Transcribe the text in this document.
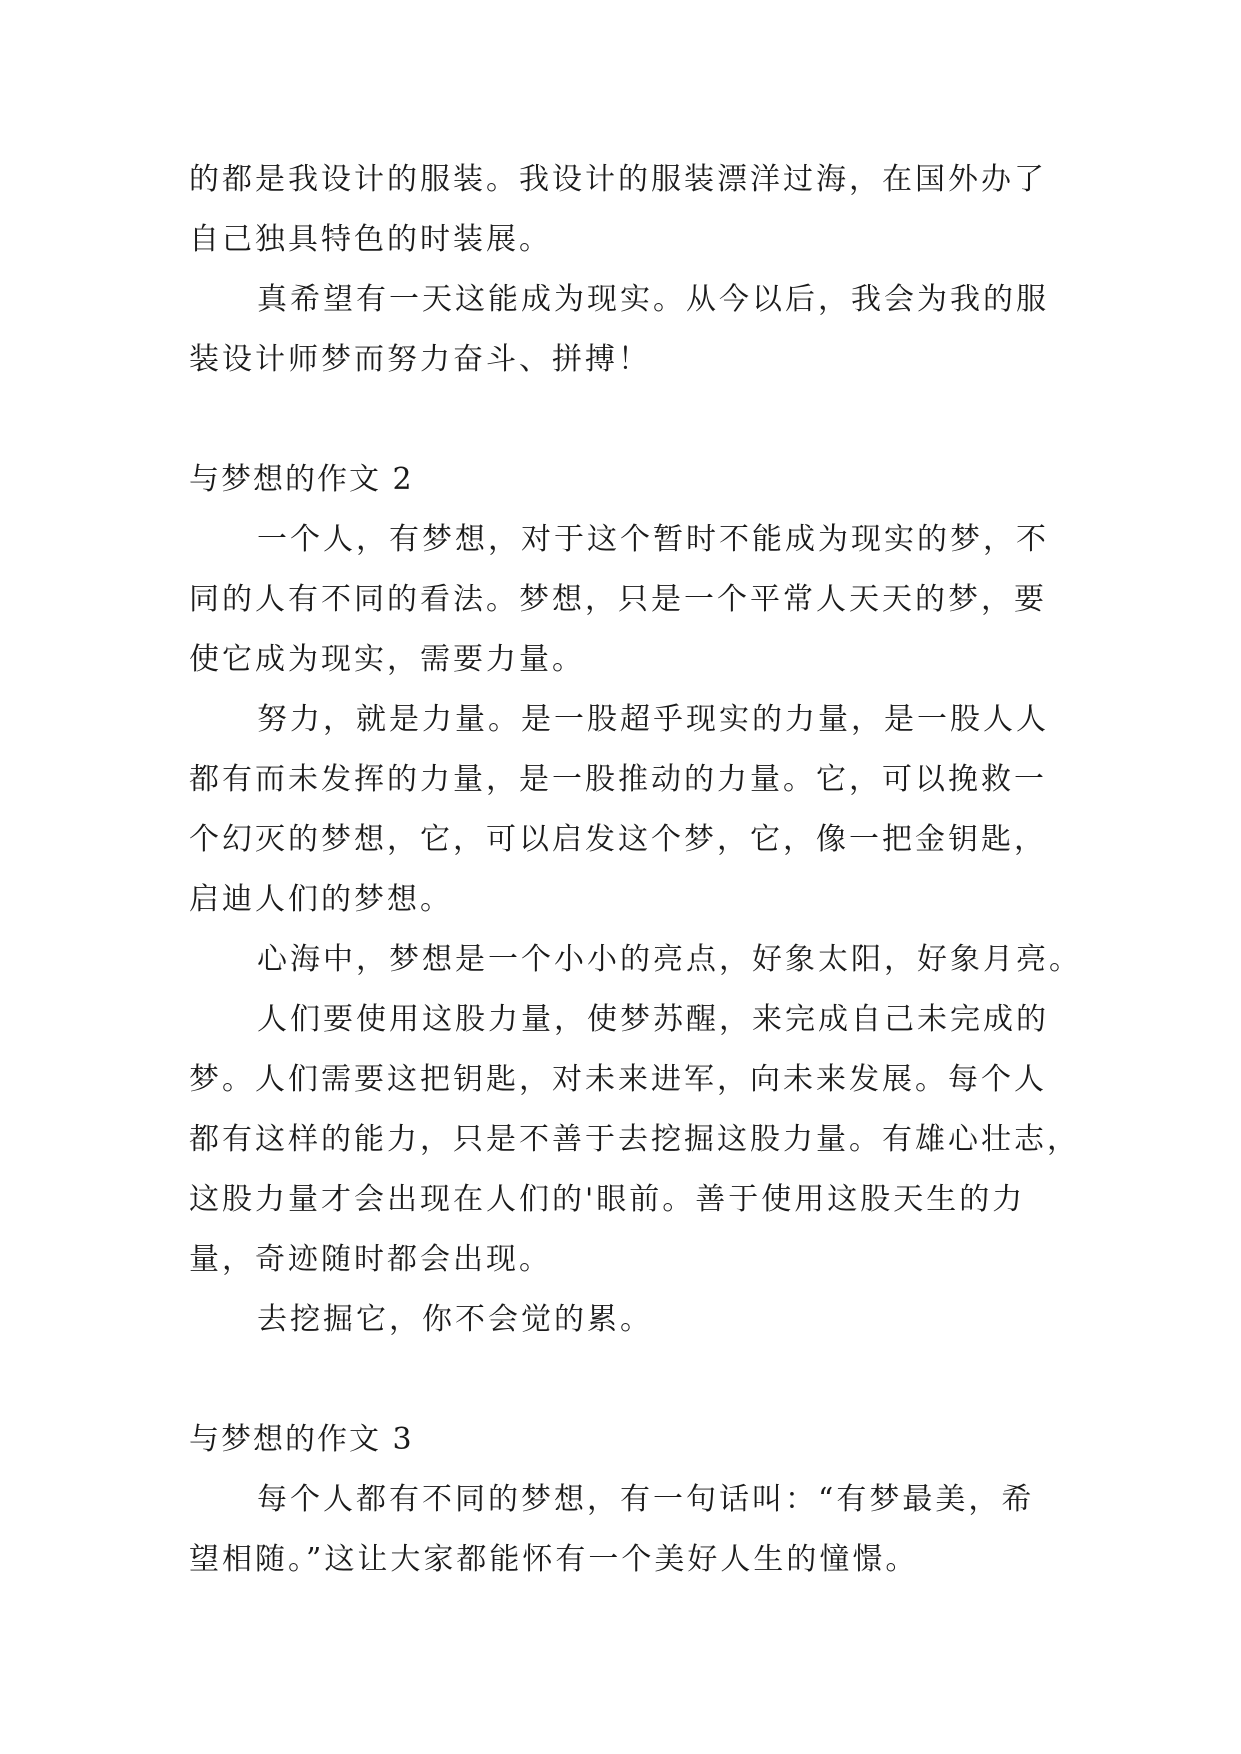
的都是我设计的服装。我设计的服装漂洋过海，在国外办了
自己独具特色的时装展。
真希望有一天这能成为现实。从今以后，我会为我的服
装设计师梦而努力奋斗、拼搏！
与梦想的作文 2
一个人，有梦想，对于这个暂时不能成为现实的梦，不
同的人有不同的看法。梦想，只是一个平常人天天的梦，要
使它成为现实，需要力量。
努力，就是力量。是一股超乎现实的力量，是一股人人
都有而未发挥的力量，是一股推动的力量。它，可以挽救一
个幻灭的梦想，它，可以启发这个梦，它，像一把金钥匙，
启迪人们的梦想。
心海中，梦想是一个小小的亮点，好象太阳，好象月亮。
人们要使用这股力量，使梦苏醒，来完成自己未完成的
梦。人们需要这把钥匙，对未来进军，向未来发展。每个人
都有这样的能力，只是不善于去挖掘这股力量。有雄心壮志，
这股力量才会出现在人们的'眼前。善于使用这股天生的力
量，奇迹随时都会出现。
去挖掘它，你不会觉的累。
与梦想的作文 3
每个人都有不同的梦想，有一句话叫：“有梦最美，希
望相随。”这让大家都能怀有一个美好人生的憧憬。
